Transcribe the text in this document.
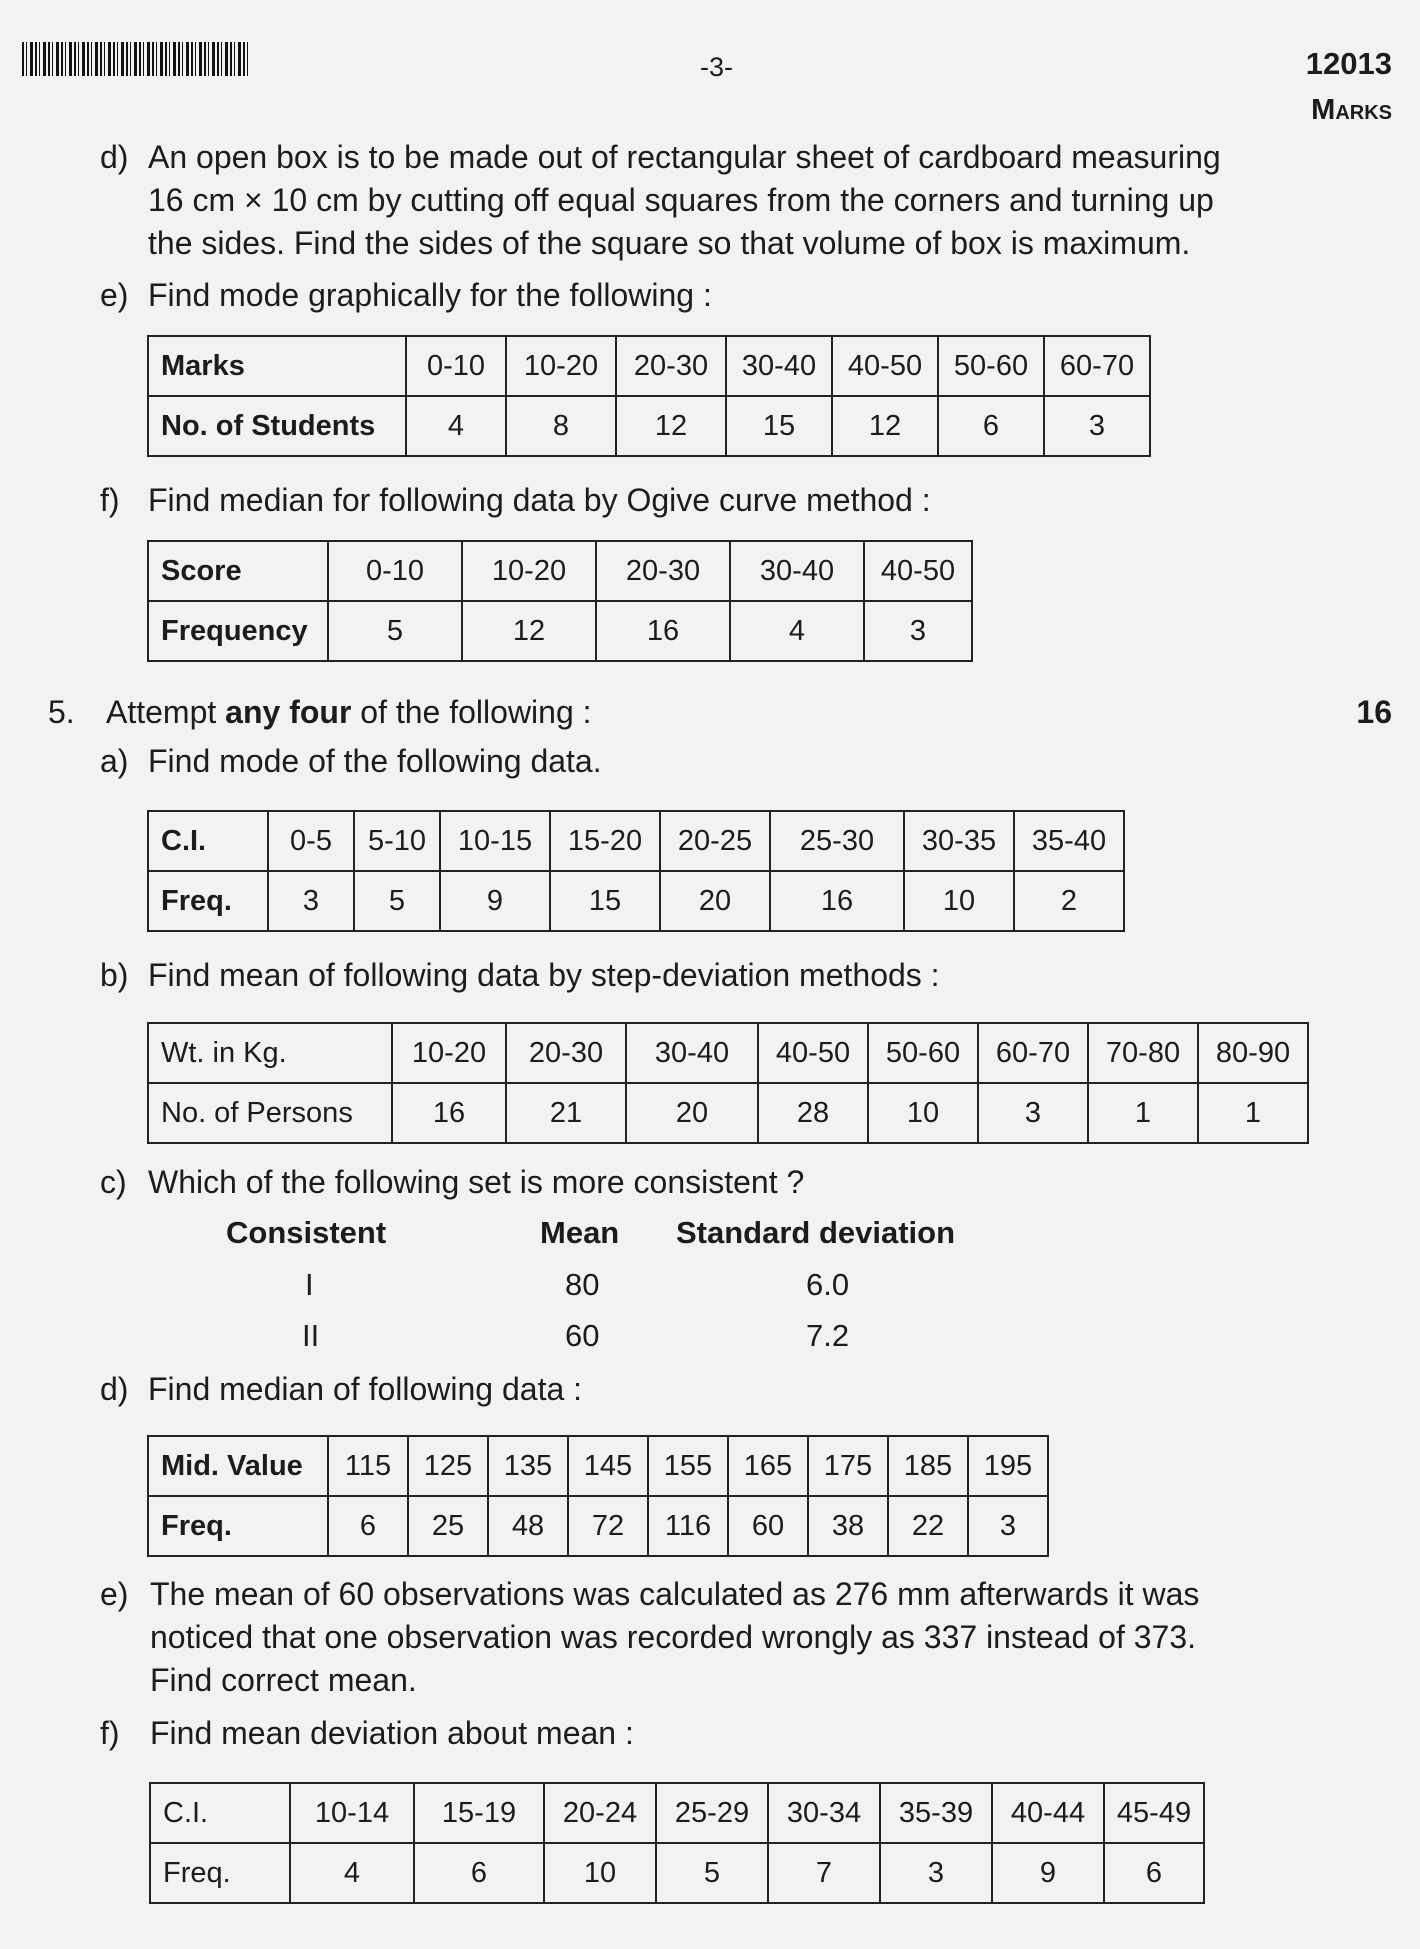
-3-	12013
Marks
d) An open box is to be made out of rectangular sheet of cardboard measuring
16 cm × 10 cm by cutting off equal squares from the corners and turning up
the sides. Find the sides of the square so that volume of box is maximum.
e) Find mode graphically for the following :
Marks	0-10	10-20	20-30	30-40	40-50	50-60	60-70
No. of Students	4	8	12	15	12	6	3
f) Find median for following data by Ogive curve method :
Score	0-10	10-20	20-30	30-40	40-50
Frequency	5	12	16	4	3
5. Attempt any four of the following :	16
a) Find mode of the following data.
C.I.	0-5	5-10	10-15	15-20	20-25	25-30	30-35	35-40
Freq.	3	5	9	15	20	16	10	2
b) Find mean of following data by step-deviation methods :
Wt. in Kg.	10-20	20-30	30-40	40-50	50-60	60-70	70-80	80-90
No. of Persons	16	21	20	28	10	3	1	1
c) Which of the following set is more consistent ?
Consistent	Mean Standard deviation
I	80	6.0
II	60	7.2
d) Find median of following data :
Mid. Value	115	125	135	145	155	165	175	185	195
Freq.	6	25	48	72	116	60	38	22	3
e) The mean of 60 observations was calculated as 276 mm afterwards it was
noticed that one observation was recorded wrongly as 337 instead of 373.
Find correct mean.
f) Find mean deviation about mean :
C.I.	10-14	15-19	20-24	25-29	30-34	35-39	40-44	45-49
Freq.	4	6	10	5	7	3	9	6
